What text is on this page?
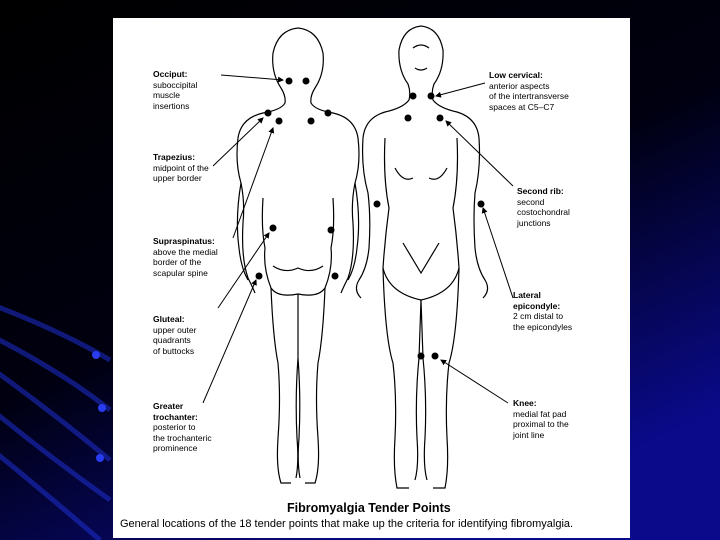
Occiput:
suboccipital
muscle
insertions
Trapezius:
midpoint of the
upper border
Supraspinatus:
above the medial
border of the
scapular spine
Gluteal:
upper outer
quadrants
of buttocks
Greater
trochanter:
posterior to
the trochanteric
prominence
Low cervical:
anterior aspects
of the intertransverse
spaces at C5–C7
Second rib:
second
costochondral
junctions
Lateral
epicondyle:
2 cm distal to
the epicondyles
Knee:
medial fat pad
proximal to the
joint line
Fibromyalgia Tender Points
General locations of the 18 tender points that make up the criteria for identifying fibromyalgia.
